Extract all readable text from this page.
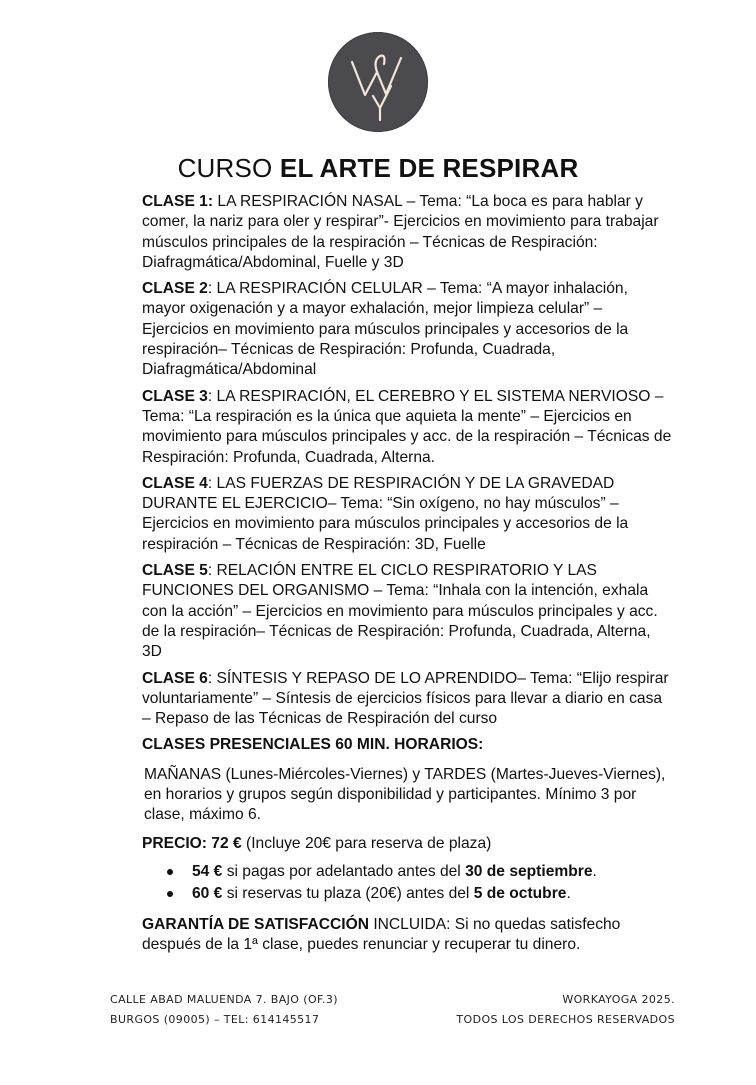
CURSO EL ARTE DE RESPIRAR

CLASE 1: LA RESPIRACIÓN NASAL – Tema: “La boca es para hablar y comer, la nariz para oler y respirar”- Ejercicios en movimiento para trabajar músculos principales de la respiración – Técnicas de Respiración: Diafragmática/Abdominal, Fuelle y 3D

CLASE 2: LA RESPIRACIÓN CELULAR – Tema: “A mayor inhalación, mayor oxigenación y a mayor exhalación, mejor limpieza celular” – Ejercicios en movimiento para músculos principales y accesorios de la respiración– Técnicas de Respiración: Profunda, Cuadrada, Diafragmática/Abdominal

CLASE 3: LA RESPIRACIÓN, EL CEREBRO Y EL SISTEMA NERVIOSO – Tema: “La respiración es la única que aquieta la mente” – Ejercicios en movimiento para músculos principales y acc. de la respiración – Técnicas de Respiración: Profunda, Cuadrada, Alterna.

CLASE 4: LAS FUERZAS DE RESPIRACIÓN Y DE LA GRAVEDAD DURANTE EL EJERCICIO– Tema: “Sin oxígeno, no hay músculos” – Ejercicios en movimiento para músculos principales y accesorios de la respiración – Técnicas de Respiración: 3D, Fuelle

CLASE 5: RELACIÓN ENTRE EL CICLO RESPIRATORIO Y LAS FUNCIONES DEL ORGANISMO – Tema: “Inhala con la intención, exhala con la acción” – Ejercicios en movimiento para músculos principales y acc. de la respiración– Técnicas de Respiración: Profunda, Cuadrada, Alterna, 3D

CLASE 6: SÍNTESIS Y REPASO DE LO APRENDIDO– Tema: “Elijo respirar voluntariamente” – Síntesis de ejercicios físicos para llevar a diario en casa – Repaso de las Técnicas de Respiración del curso

CLASES PRESENCIALES 60 MIN. HORARIOS:

MAÑANAS (Lunes-Miércoles-Viernes) y TARDES (Martes-Jueves-Viernes), en horarios y grupos según disponibilidad y participantes. Mínimo 3 por clase, máximo 6.

PRECIO: 72 € (Incluye 20€ para reserva de plaza)

54 € si pagas por adelantado antes del 30 de septiembre.
60 € si reservas tu plaza (20€) antes del 5 de octubre.

GARANTÍA DE SATISFACCIÓN INCLUIDA: Si no quedas satisfecho después de la 1ª clase, puedes renunciar y recuperar tu dinero.

CALLE ABAD MALUENDA 7. BAJO (OF.3)
BURGOS (09005) – TEL: 614145517
WORKAYOGA 2025.
TODOS LOS DERECHOS RESERVADOS
